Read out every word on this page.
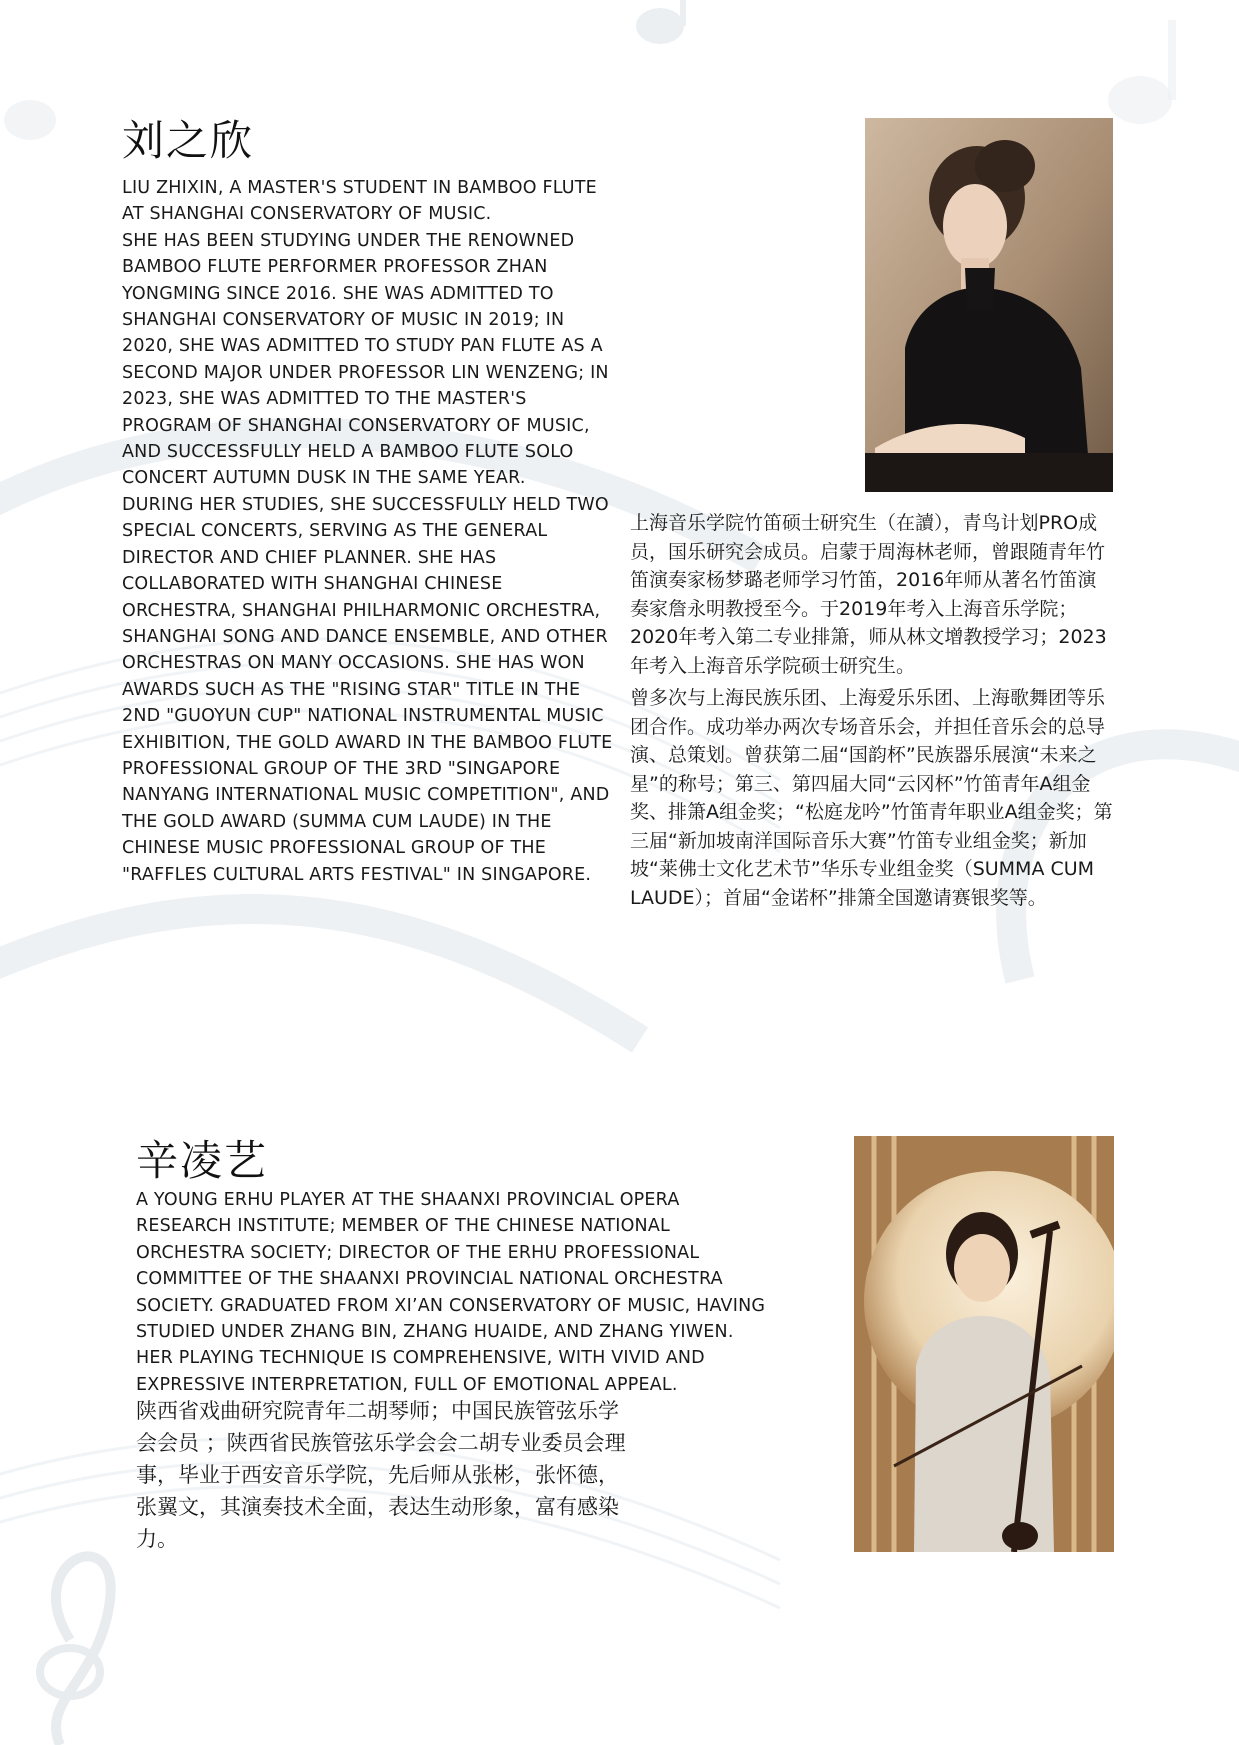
刘之欣
LIU ZHIXIN, A MASTER'S STUDENT IN BAMBOO FLUTE AT SHANGHAI CONSERVATORY OF MUSIC.
SHE HAS BEEN STUDYING UNDER THE RENOWNED BAMBOO FLUTE PERFORMER PROFESSOR ZHAN YONGMING SINCE 2016. SHE WAS ADMITTED TO SHANGHAI CONSERVATORY OF MUSIC IN 2019; IN 2020, SHE WAS ADMITTED TO STUDY PAN FLUTE AS A SECOND MAJOR UNDER PROFESSOR LIN WENZENG; IN 2023, SHE WAS ADMITTED TO THE MASTER'S PROGRAM OF SHANGHAI CONSERVATORY OF MUSIC, AND SUCCESSFULLY HELD A BAMBOO FLUTE SOLO CONCERT AUTUMN DUSK IN THE SAME YEAR.
DURING HER STUDIES, SHE SUCCESSFULLY HELD TWO SPECIAL CONCERTS, SERVING AS THE GENERAL DIRECTOR AND CHIEF PLANNER. SHE HAS COLLABORATED WITH SHANGHAI CHINESE ORCHESTRA, SHANGHAI PHILHARMONIC ORCHESTRA, SHANGHAI SONG AND DANCE ENSEMBLE, AND OTHER ORCHESTRAS ON MANY OCCASIONS. SHE HAS WON AWARDS SUCH AS THE "RISING STAR" TITLE IN THE 2ND "GUOYUN CUP" NATIONAL INSTRUMENTAL MUSIC EXHIBITION, THE GOLD AWARD IN THE BAMBOO FLUTE PROFESSIONAL GROUP OF THE 3RD "SINGAPORE NANYANG INTERNATIONAL MUSIC COMPETITION", AND THE GOLD AWARD (SUMMA CUM LAUDE) IN THE CHINESE MUSIC PROFESSIONAL GROUP OF THE "RAFFLES CULTURAL ARTS FESTIVAL" IN SINGAPORE.
上海音乐学院竹笛硕士研究生（在讀），青鸟计划PRO成员，国乐研究会成员。启蒙于周海林老师，曾跟随青年竹笛演奏家杨梦璐老师学习竹笛，2016年师从著名竹笛演奏家詹永明教授至今。于2019年考入上海音乐学院；2020年考入第二专业排箫，师从林文增教授学习；2023年考入上海音乐学院硕士研究生。
曾多次与上海民族乐团、上海爱乐乐团、上海歌舞团等乐团合作。成功举办两次专场音乐会，并担任音乐会的总导演、总策划。曾获第二届“国韵杯”民族器乐展演“未来之星”的称号；第三、第四届大同“云冈杯”竹笛青年A组金奖、排箫A组金奖；“松庭龙吟”竹笛青年职业A组金奖；第三届“新加坡南洋国际音乐大赛”竹笛专业组金奖；新加坡“莱佛士文化艺术节”华乐专业组金奖（SUMMA CUM LAUDE）；首届“金诺杯”排箫全国邀请赛银奖等。
辛凌艺
A YOUNG ERHU PLAYER AT THE SHAANXI PROVINCIAL OPERA RESEARCH INSTITUTE; MEMBER OF THE CHINESE NATIONAL ORCHESTRA SOCIETY; DIRECTOR OF THE ERHU PROFESSIONAL COMMITTEE OF THE SHAANXI PROVINCIAL NATIONAL ORCHESTRA SOCIETY. GRADUATED FROM XI’AN CONSERVATORY OF MUSIC, HAVING STUDIED UNDER ZHANG BIN, ZHANG HUAIDE, AND ZHANG YIWEN. HER PLAYING TECHNIQUE IS COMPREHENSIVE, WITH VIVID AND EXPRESSIVE INTERPRETATION, FULL OF EMOTIONAL APPEAL.
陕西省戏曲研究院青年二胡琴师；中国民族管弦乐学会会员 ；陕西省民族管弦乐学会会二胡专业委员会理事，毕业于西安音乐学院，先后师从张彬，张怀德，张翼文，其演奏技术全面，表达生动形象，富有感染力。
